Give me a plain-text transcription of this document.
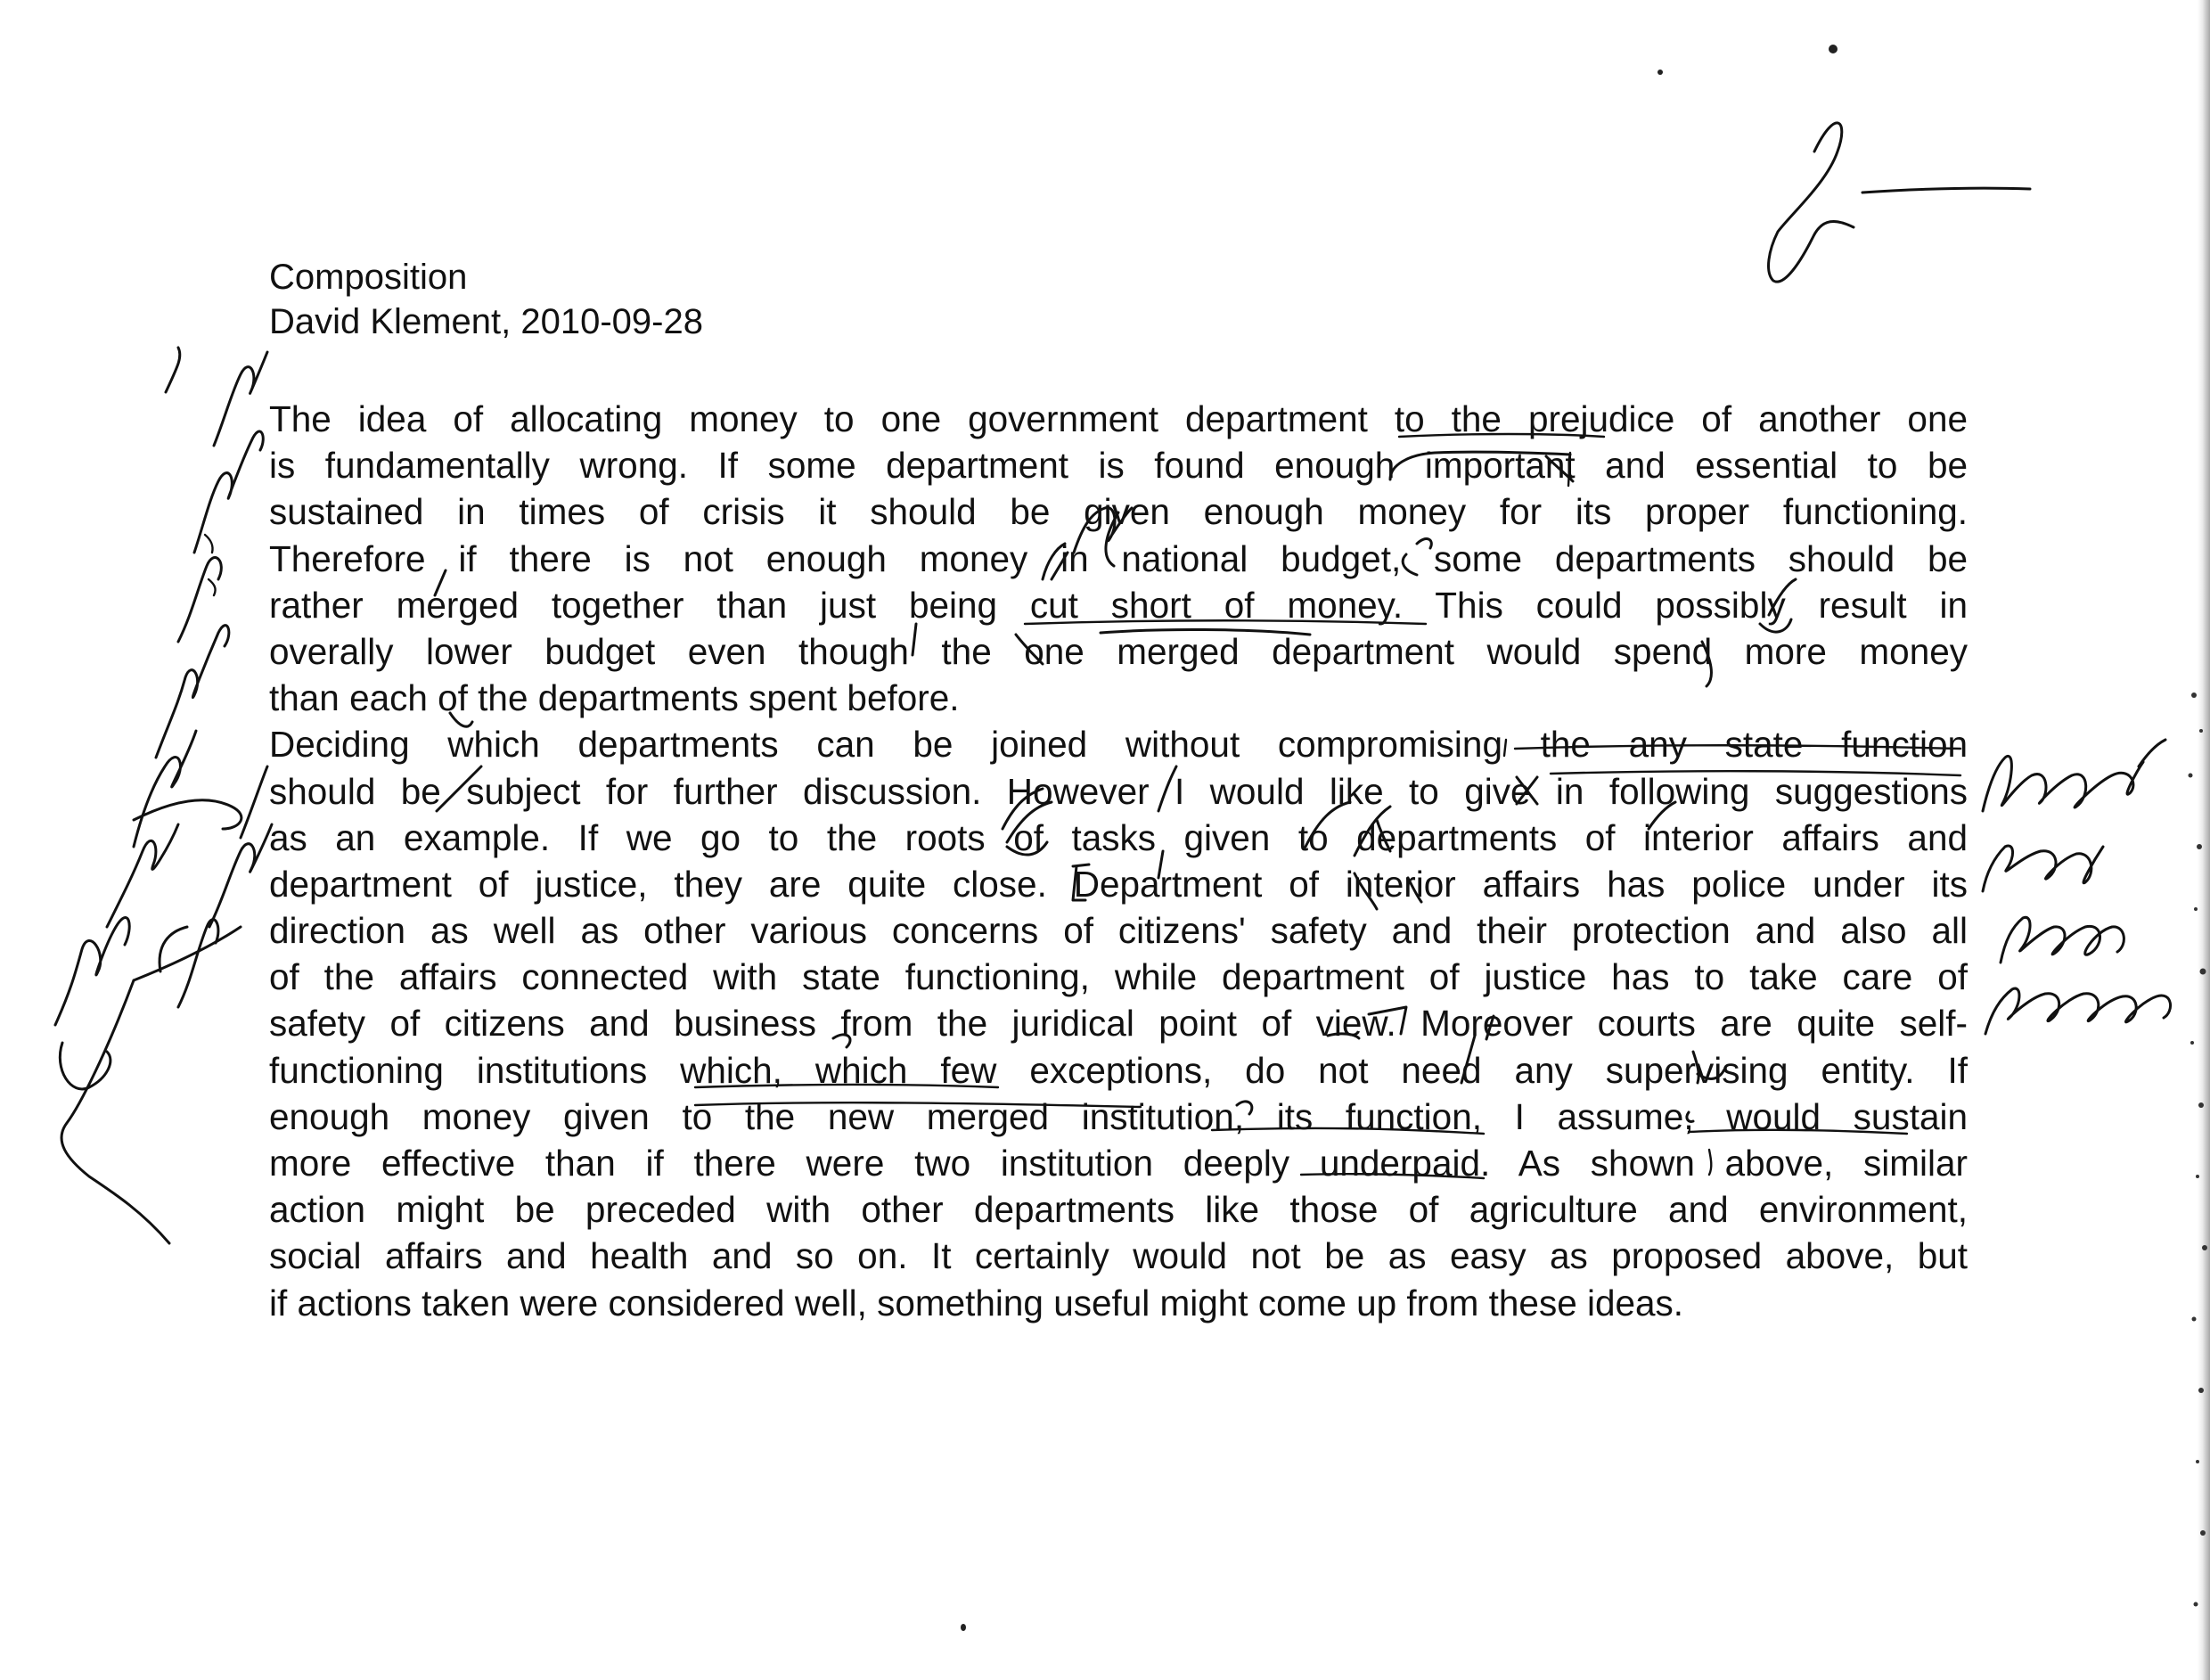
Composition
David Klement, 2010-09-28
The idea of allocating money to one government department to the prejudice of another one
is fundamentally wrong. If some department is found enough important and essential to be
sustained in times of crisis it should be given enough money for its proper functioning.
Therefore if there is not enough money in national budget, some departments should be
rather merged together than just being cut short of money. This could possibly result in
overally lower budget even though the one merged department would spend more money
than each of the departments spent before.
Deciding which departments can be joined without compromising the any state function
should be subject for further discussion. However I would like to give in following suggestions
as an example. If we go to the roots of tasks given to departments of interior affairs and
department of justice, they are quite close. Department of interior affairs has police under its
direction as well as other various concerns of citizens' safety and their protection and also all
of the affairs connected with state functioning, while department of justice has to take care of
safety of citizens and business from the juridical point of view. Moreover courts are quite self-
functioning institutions which, which few exceptions, do not need any supervising entity. If
enough money given to the new merged institution, its function, I assume, would sustain
more effective than if there were two institution deeply underpaid. As shown above, similar
action might be preceded with other departments like those of agriculture and environment,
social affairs and health and so on. It certainly would not be as easy as proposed above, but
if actions taken were considered well, something useful might come up from these ideas.
